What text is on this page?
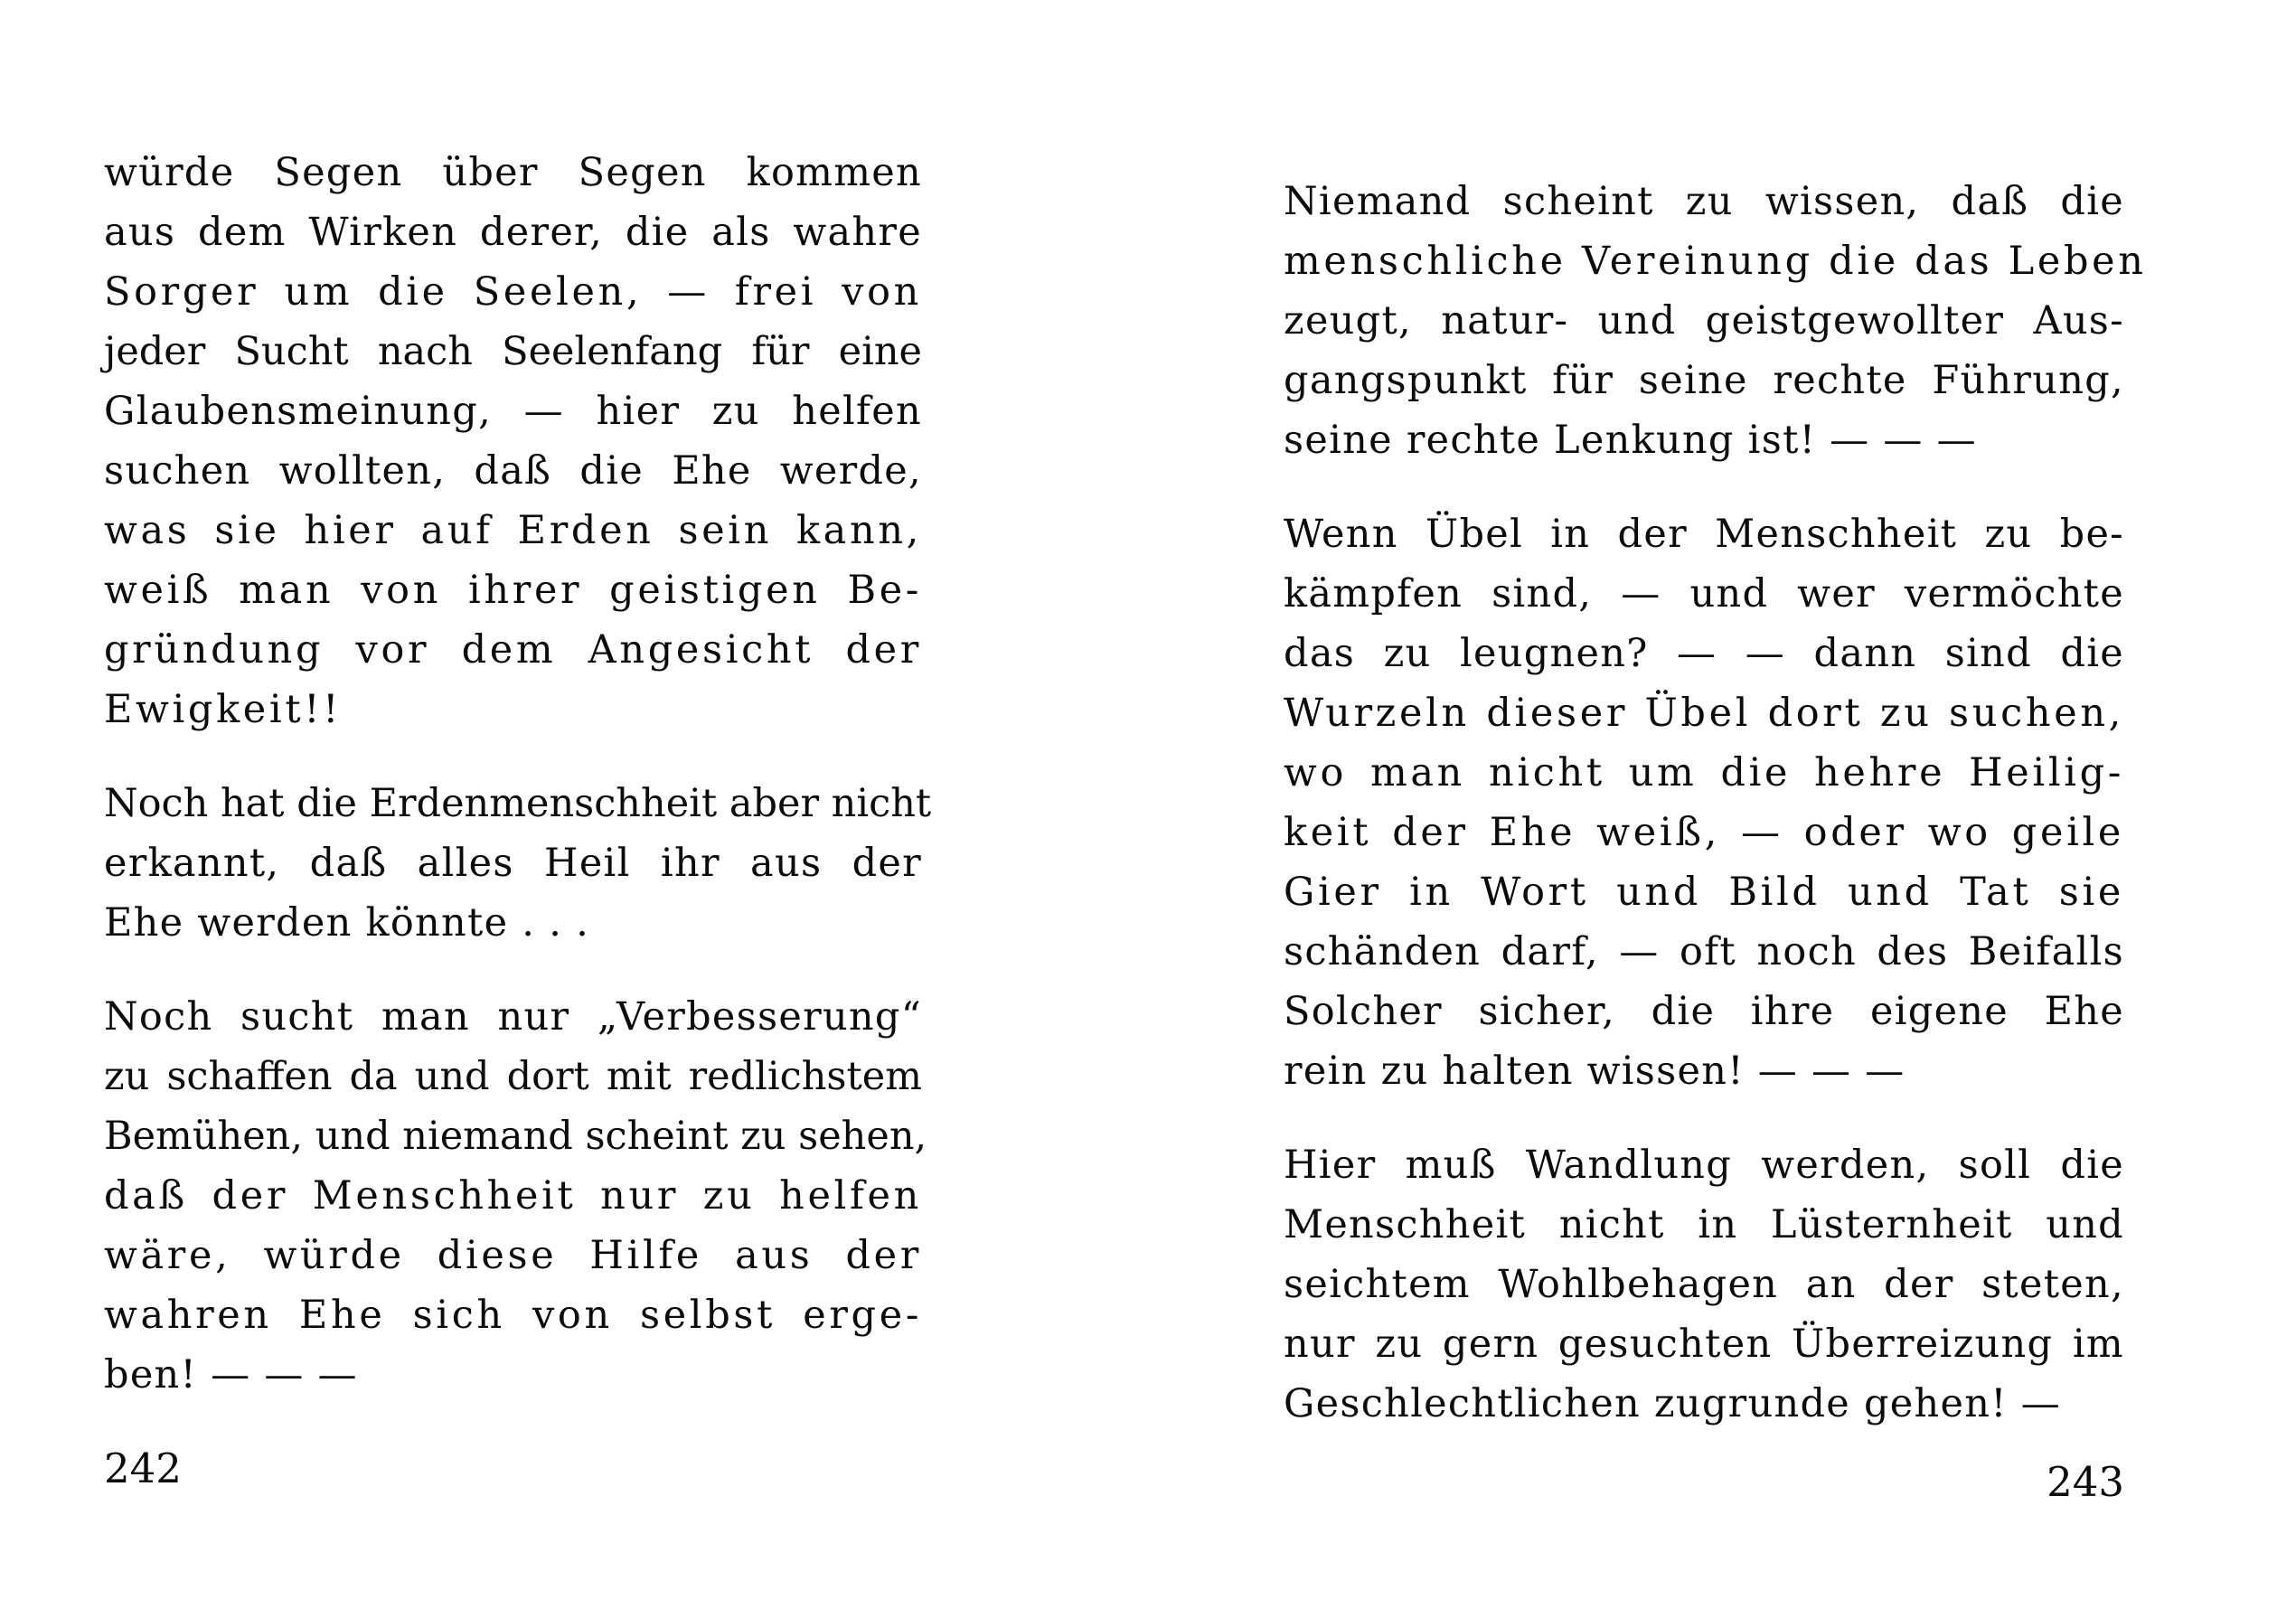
würde Segen über Segen kommen
aus dem Wirken derer, die als wahre
Sorger um die Seelen, — frei von
jeder Sucht nach Seelenfang für eine
Glaubensmeinung, — hier zu helfen
suchen wollten, daß die Ehe werde,
was sie hier auf Erden sein kann,
weiß man von ihrer geistigen Be-
gründung vor dem Angesicht der
Ewigkeit!!
Noch hat die Erdenmenschheit aber nicht
erkannt, daß alles Heil ihr aus der
Ehe werden könnte . . .
Noch sucht man nur „Verbesserung“
zu schaffen da und dort mit redlichstem
Bemühen, und niemand scheint zu sehen,
daß der Menschheit nur zu helfen
wäre, würde diese Hilfe aus der
wahren Ehe sich von selbst erge-
ben! — — —
242
Niemand scheint zu wissen, daß die
menschliche Vereinung die das Leben
zeugt, natur- und geistgewollter Aus-
gangspunkt für seine rechte Führung,
seine rechte Lenkung ist! — — —
Wenn Übel in der Menschheit zu be-
kämpfen sind, — und wer vermöchte
das zu leugnen? — — dann sind die
Wurzeln dieser Übel dort zu suchen,
wo man nicht um die hehre Heilig-
keit der Ehe weiß, — oder wo geile
Gier in Wort und Bild und Tat sie
schänden darf, — oft noch des Beifalls
Solcher sicher, die ihre eigene Ehe
rein zu halten wissen! — — —
Hier muß Wandlung werden, soll die
Menschheit nicht in Lüsternheit und
seichtem Wohlbehagen an der steten,
nur zu gern gesuchten Überreizung im
Geschlechtlichen zugrunde gehen! —
243
